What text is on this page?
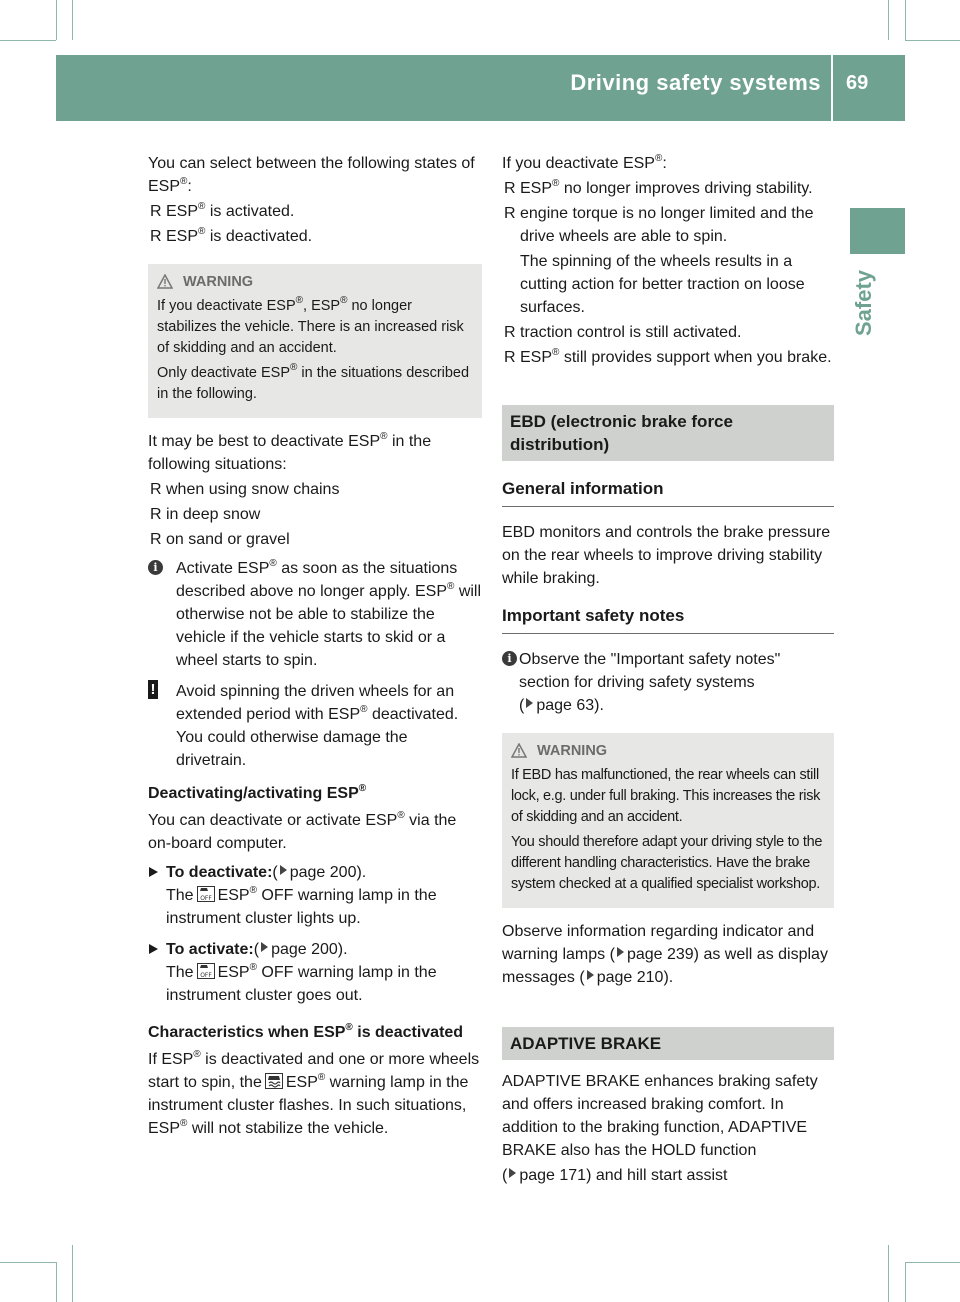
Driving safety systems 69
Safety

You can select between the following states of ESP®:

R ESP® is activated.
R ESP® is deactivated.
WARNING

If you deactivate ESP®, ESP® no longer stabilizes the vehicle. There is an increased risk of skidding and an accident.

Only deactivate ESP® in the situations described in the following.

It may be best to deactivate ESP® in the following situations:

R when using snow chains
R in deep snow
R on sand or gravel
i	Activate ESP® as soon as the situations described above no longer apply. ESP® will otherwise not be able to stabilize the vehicle if the vehicle starts to skid or a wheel starts to spin.
! Avoid spinning the driven wheels for an extended period with ESP® deactivated. You could otherwise damage the drivetrain.

Deactivating/activating ESP®

You can deactivate or activate ESP® via the on-board computer.

To deactivate:( page 200).
The OFF ESP® OFF warning lamp in the instrument cluster lights up.
To activate:( page 200).
The OFF ESP® OFF warning lamp in the instrument cluster goes out.

Characteristics when ESP® is deactivated

If ESP® is deactivated and one or more wheels start to spin, the ESP® warning lamp in the instrument cluster flashes. In such situations, ESP® will not stabilize the vehicle.

If you deactivate ESP®:

R ESP® no longer improves driving stability.
R engine torque is no longer limited and the drive wheels are able to spin.
The spinning of the wheels results in a cutting action for better traction on loose surfaces.
R traction control is still activated.
R ESP® still provides support when you brake.
EBD (electronic brake force distribution)
General information

EBD monitors and controls the brake pressure on the rear wheels to improve driving stability while braking.

Important safety notes
i Observe the "Important safety notes" section for driving safety systems
( page 63).
WARNING

If EBD has malfunctioned, the rear wheels can still lock, e.g. under full braking. This increases the risk of skidding and an accident.

You should therefore adapt your driving style to the different handling characteristics. Have the brake system checked at a qualified specialist workshop.

Observe information regarding indicator and warning lamps ( page 239) as well as display messages ( page 210).

ADAPTIVE BRAKE

ADAPTIVE BRAKE enhances braking safety and offers increased braking comfort. In addition to the braking function, ADAPTIVE BRAKE also has the HOLD function

( page 171) and hill start assist
